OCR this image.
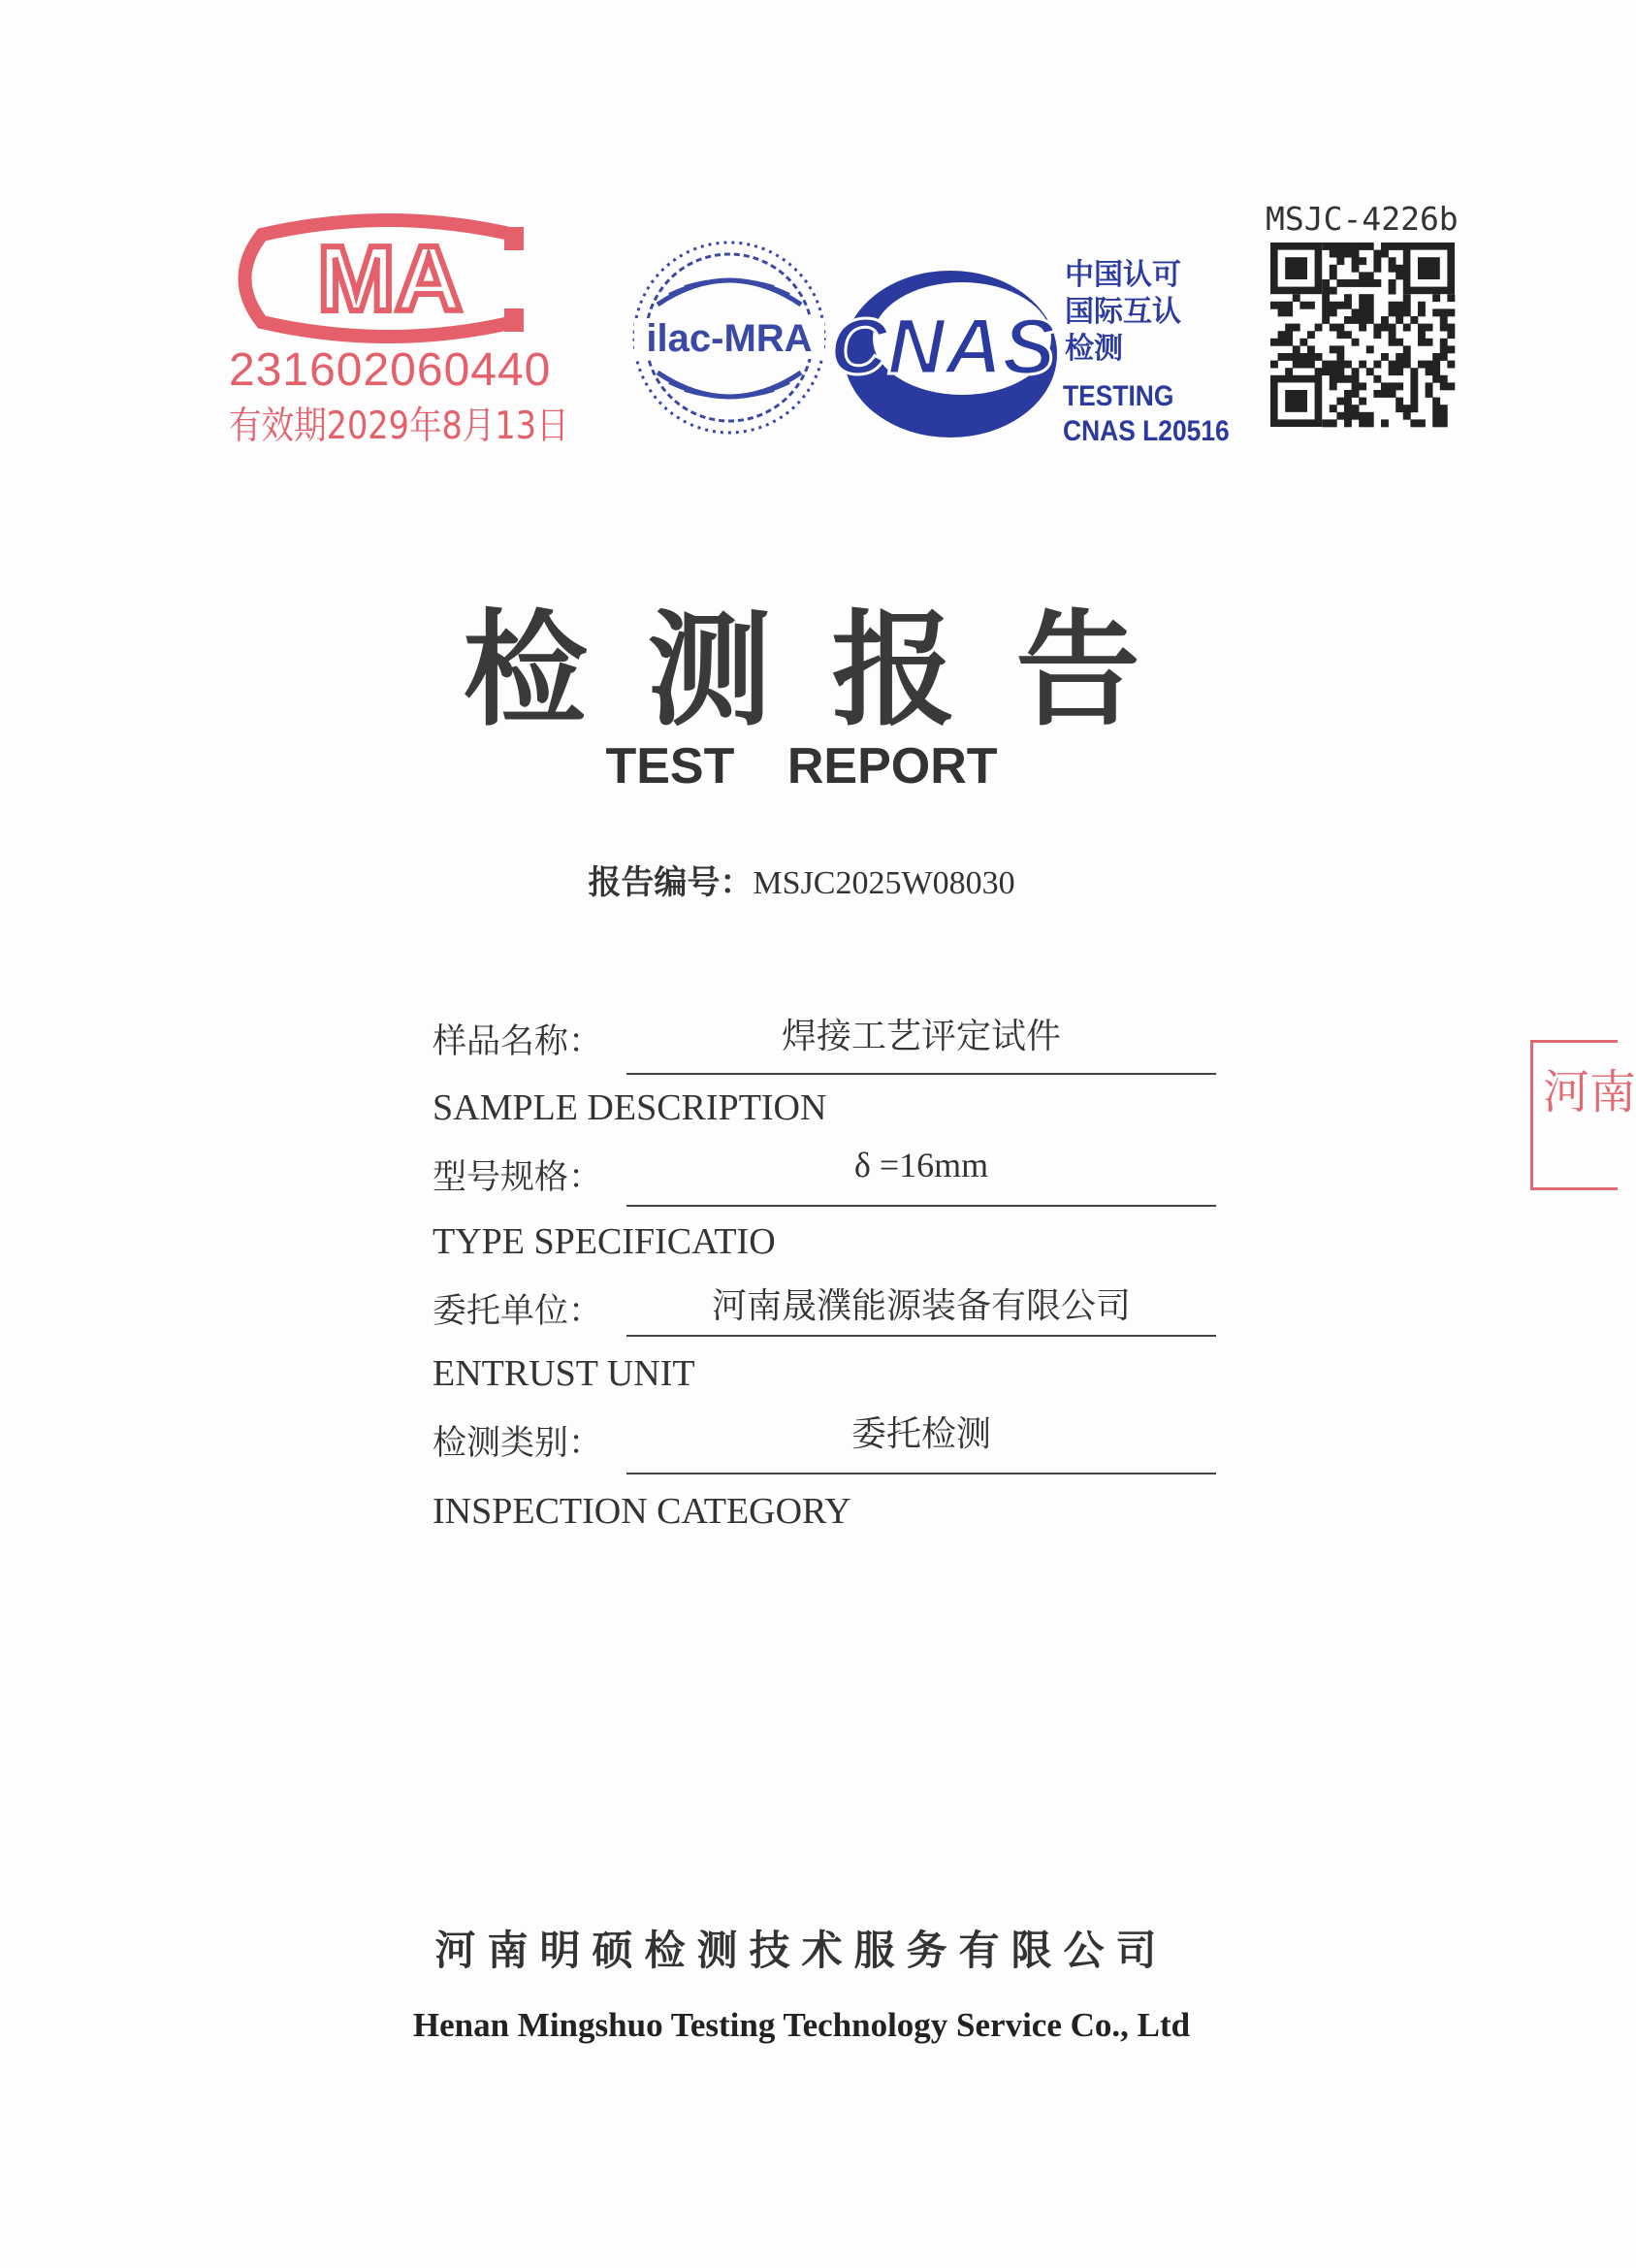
MA
231602060440
有效期2029年8月13日
ilac-MRA CNAS
中国认可
国际互认
检测
TESTING
CNAS L20516
MSJC-4226b
检测报告
TEST REPORT
报告编号：MSJC2025W08030
样品名称：	焊接工艺评定试件
SAMPLE DESCRIPTION
型号规格：	δ =16mm
TYPE SPECIFICATIO
委托单位：	河南晟濮能源装备有限公司
ENTRUST UNIT
检测类别：	委托检测
INSPECTION CATEGORY
河南
河南明硕检测技术服务有限公司
Henan Mingshuo Testing Technology Service Co., Ltd
